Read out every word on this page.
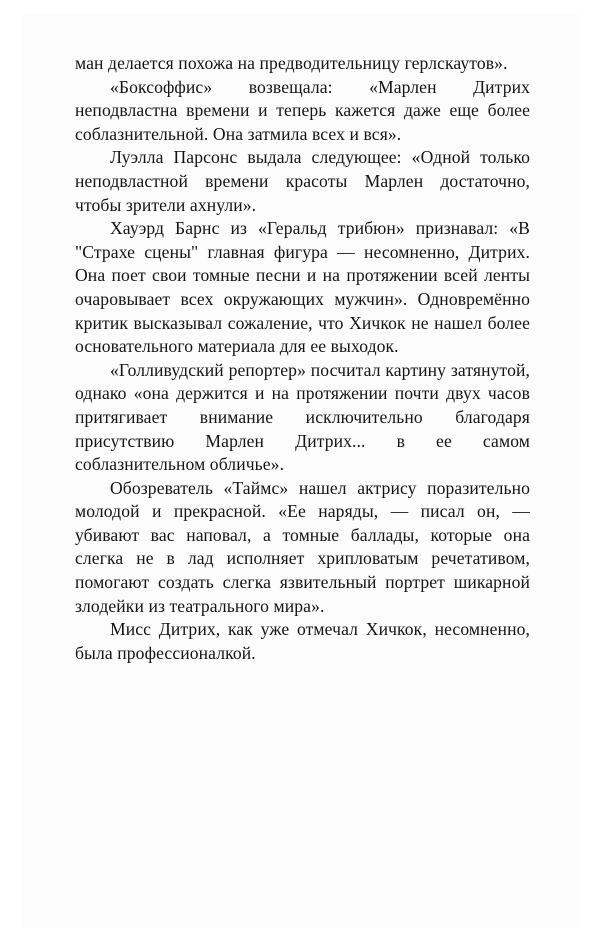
ман делается похожа на предводительницу герлскаутов».

«Боксоффис» возвещала: «Марлен Дитрих неподвластна времени и теперь кажется даже еще более соблазнительной. Она затмила всех и вся».

Луэлла Парсонс выдала следующее: «Одной только неподвластной времени красоты Марлен достаточно, чтобы зрители ахнули».

Хауэрд Барнс из «Геральд трибюн» признавал: «В "Страхе сцены" главная фигура — несомненно, Дитрих. Она поет свои томные песни и на протяжении всей ленты очаровывает всех окружающих мужчин». Одновремённо критик высказывал сожаление, что Хичкок не нашел более основательного материала для ее выходок.

«Голливудский репортер» посчитал картину затянутой, однако «она держится и на протяжении почти двух часов притягивает внимание исключительно благодаря присутствию Марлен Дитрих... в ее самом соблазнительном обличье».

Обозреватель «Таймс» нашел актрису поразительно молодой и прекрасной. «Ее наряды, — писал он, — убивают вас наповал, а томные баллады, которые она слегка не в лад исполняет хрипловатым речетативом, помогают создать слегка язвительный портрет шикарной злодейки из театрального мира».

Мисс Дитрих, как уже отмечал Хичкок, несомненно, была профессионалкой.
